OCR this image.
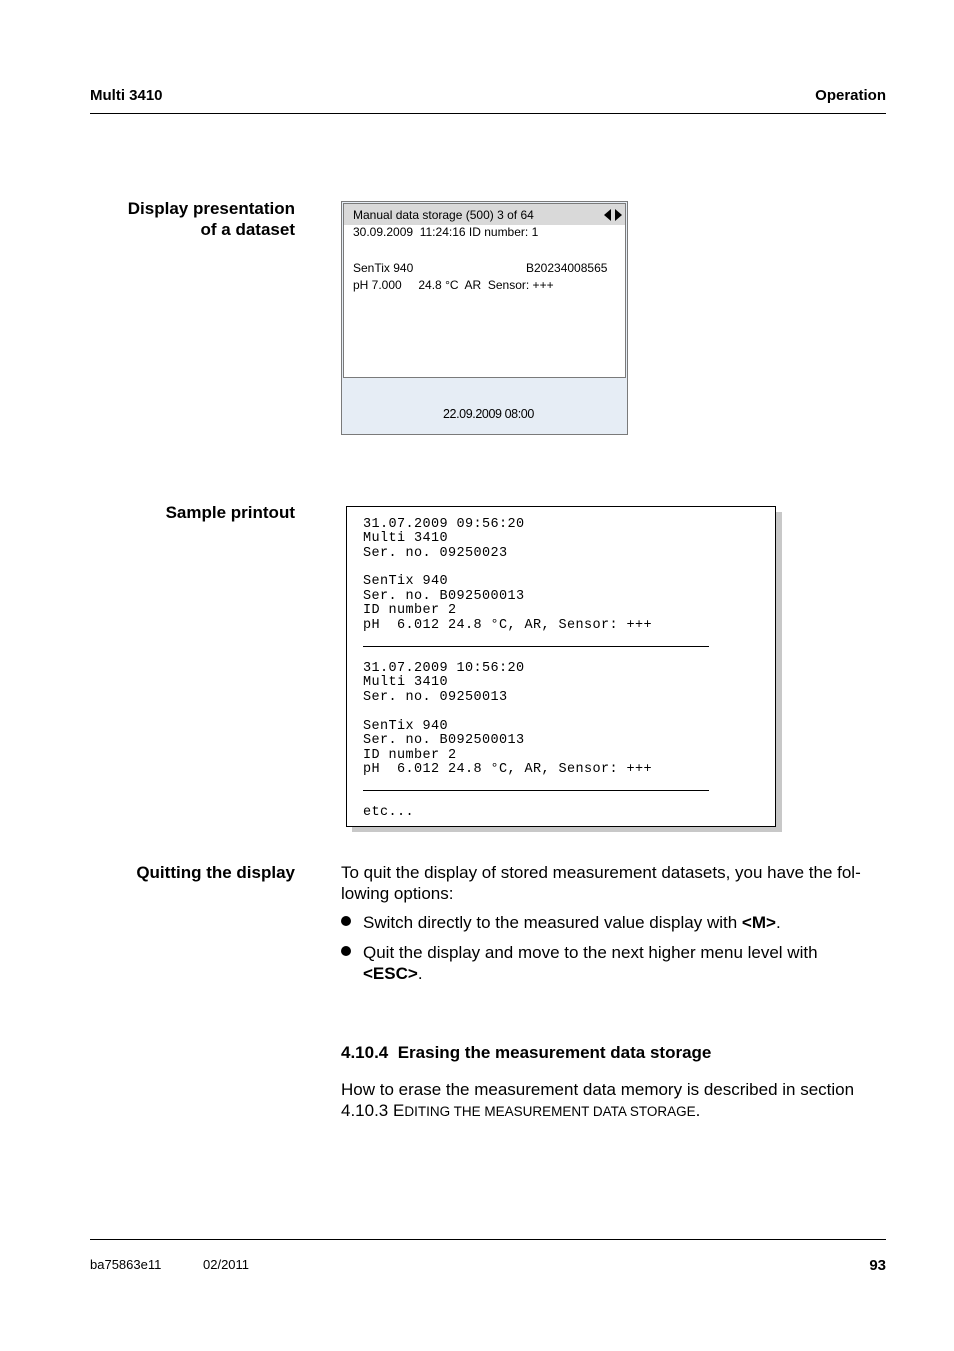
Multi 3410	Operation
Display presentation
of a dataset
Manual data storage (500) 3 of 64
30.09.2009  11:24:16 ID number: 1
SenTix 940	B20234008565
pH 7.000     24.8 °C  AR  Sensor: +++
22.09.2009 08:00
Sample printout
31.07.2009 09:56:20
Multi 3410
Ser. no. 09250023
SenTix 940
Ser. no. B092500013
ID number 2
pH  6.012 24.8 °C, AR, Sensor: +++
31.07.2009 10:56:20
Multi 3410
Ser. no. 09250013
SenTix 940
Ser. no. B092500013
ID number 2
pH  6.012 24.8 °C, AR, Sensor: +++
etc...
Quitting the display	To quit the display of stored measurement datasets, you have the fol-
lowing options:
Switch directly to the measured value display with <M>.
Quit the display and move to the next higher menu level with
<ESC>.
4.10.4 Erasing the measurement data storage
How to erase the measurement data memory is described in section
4.10.3 EDITING THE MEASUREMENT DATA STORAGE.
ba75863e11	02/2011	93
